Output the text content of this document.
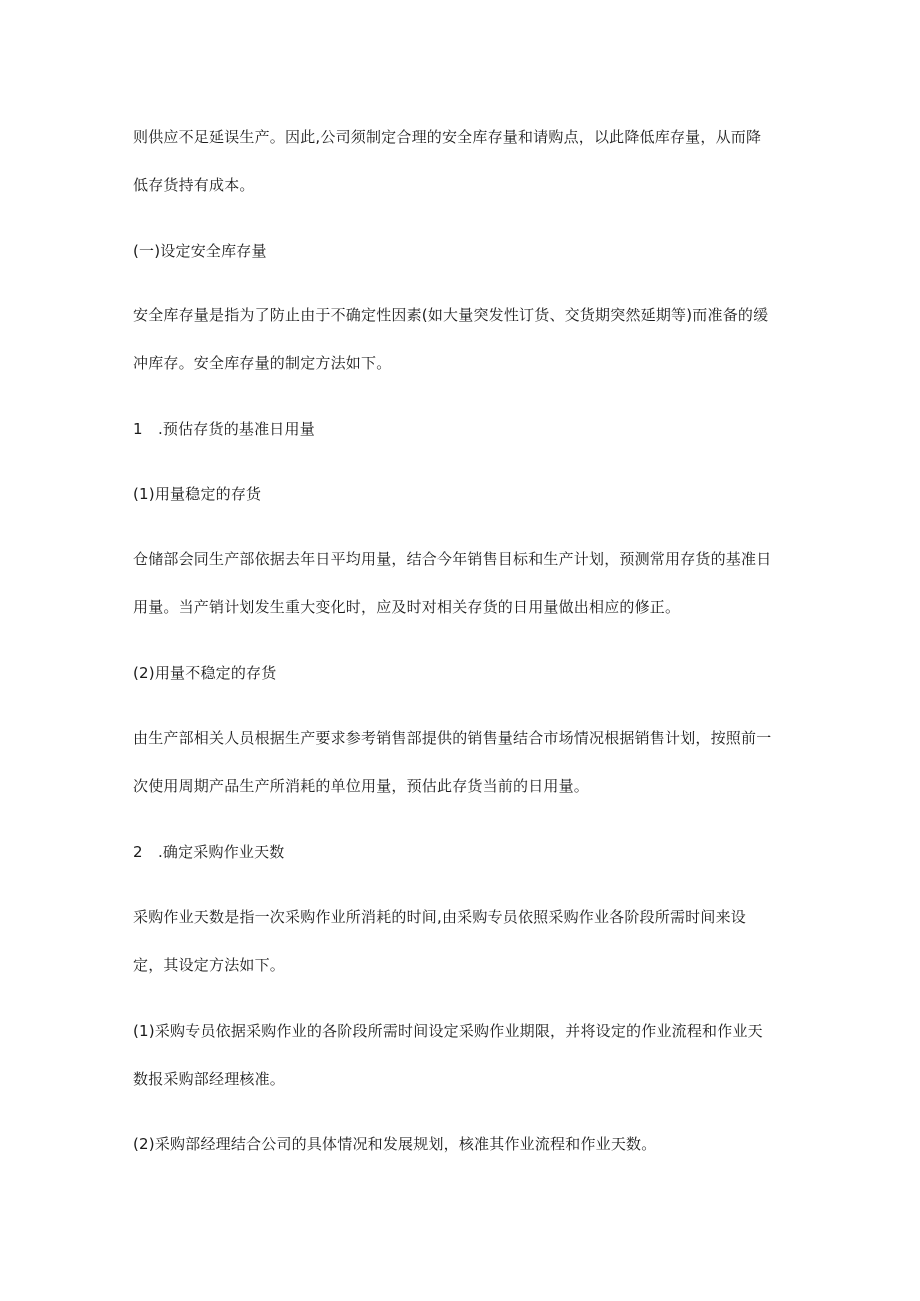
则供应不足延误生产。因此,公司须制定合理的安全库存量和请购点，以此降低库存量，从而降
低存货持有成本。
(一)设定安全库存量
安全库存量是指为了防止由于不确定性因素(如大量突发性订货、交货期突然延期等)而准备的缓
冲库存。安全库存量的制定方法如下。
1　.预估存货的基准日用量
(1)用量稳定的存货
仓储部会同生产部依据去年日平均用量，结合今年销售目标和生产计划，预测常用存货的基准日
用量。当产销计划发生重大变化时，应及时对相关存货的日用量做出相应的修正。
(2)用量不稳定的存货
由生产部相关人员根据生产要求参考销售部提供的销售量结合市场情况根据销售计划，按照前一
次使用周期产品生产所消耗的单位用量，预估此存货当前的日用量。
2　.确定采购作业天数
采购作业天数是指一次采购作业所消耗的时间,由采购专员依照采购作业各阶段所需时间来设
定，其设定方法如下。
(1)采购专员依据采购作业的各阶段所需时间设定采购作业期限，并将设定的作业流程和作业天
数报采购部经理核准。
(2)采购部经理结合公司的具体情况和发展规划，核准其作业流程和作业天数。
